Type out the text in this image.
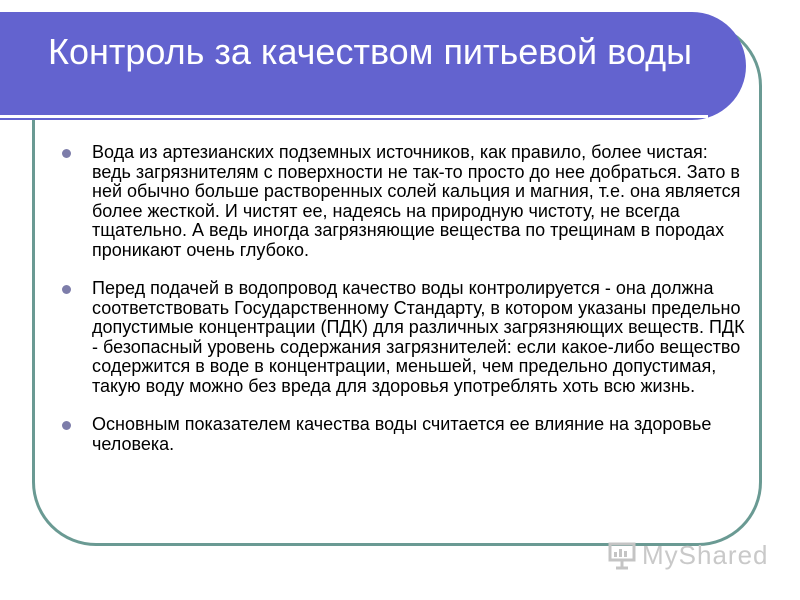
Контроль за качеством питьевой воды
Вода из артезианских подземных источников, как правило, более чистая: ведь загрязнителям с поверхности не так-то просто до нее добраться. Зато в ней обычно больше растворенных солей кальция и магния, т.е. она является более жесткой. И чистят ее, надеясь на природную чистоту, не всегда тщательно. А ведь иногда загрязняющие вещества по трещинам в породах проникают очень глубоко.
Перед подачей в водопровод качество воды контролируется - она должна соответствовать Государственному Стандарту, в котором указаны предельно допустимые концентрации (ПДК) для различных загрязняющих веществ. ПДК - безопасный уровень содержания загрязнителей: если какое-либо вещество содержится в воде в концентрации, меньшей, чем предельно допустимая, такую воду можно без вреда для здоровья употреблять хоть всю жизнь.
Основным показателем качества воды считается ее влияние на здоровье человека.
MyShared
